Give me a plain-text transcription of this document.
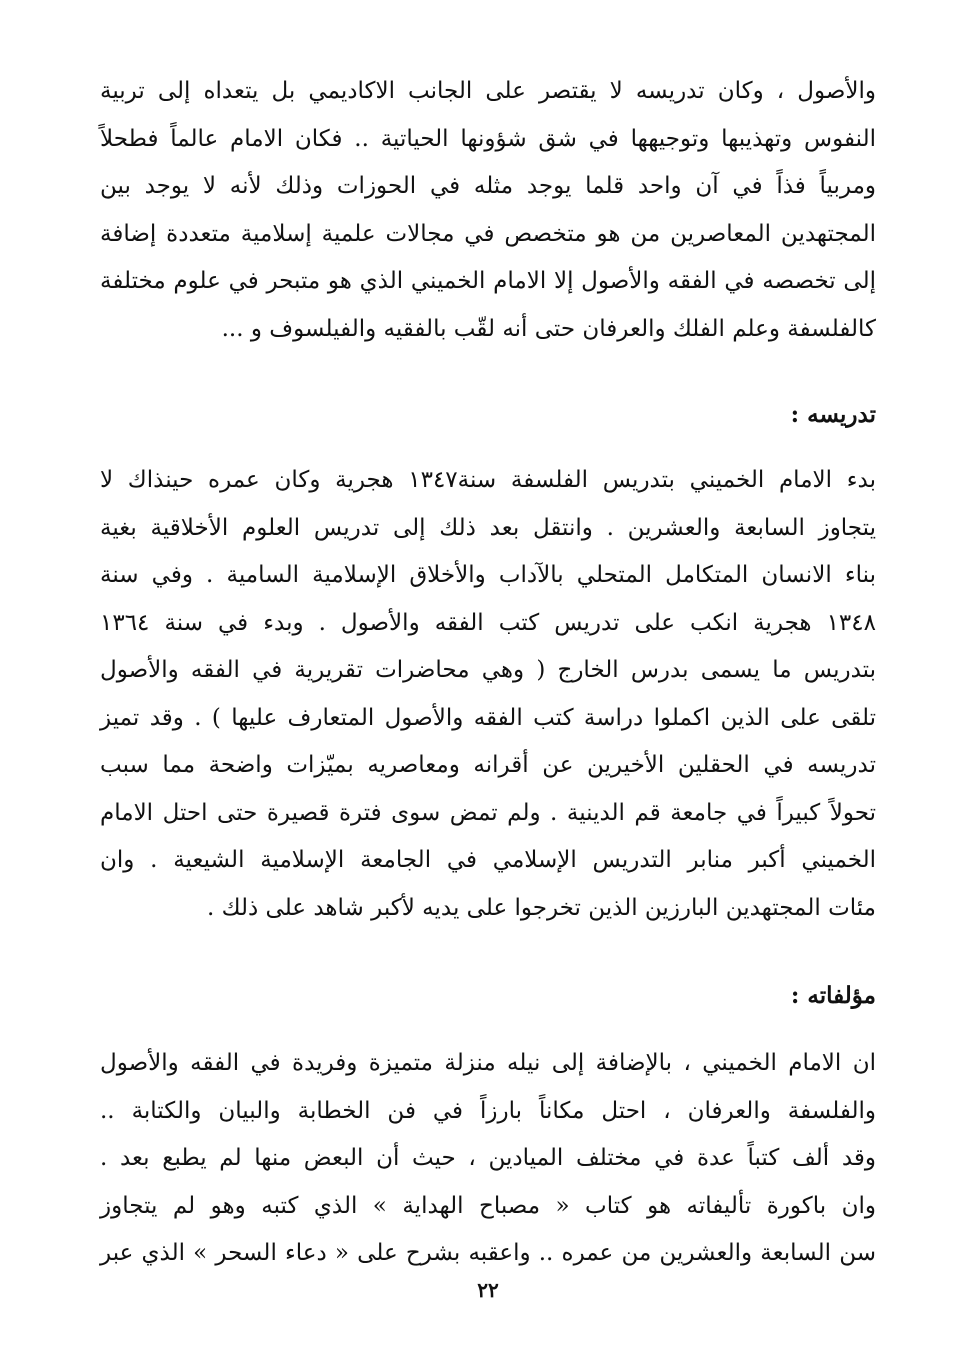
والأصول ، وكان تدريسه لا يقتصر على الجانب الاكاديمي بل يتعداه إلى تربية
النفوس وتهذيبها وتوجيهها في شق شؤونها الحياتية .. فكان الامام عالماً فطحلاً
ومربياً فذاً في آن واحد قلما يوجد مثله في الحوزات وذلك لأنه لا يوجد بين
المجتهدين المعاصرين من هو متخصص في مجالات علمية إسلامية متعددة إضافة
إلى تخصصه في الفقه والأصول إلا الامام الخميني الذي هو متبحر في علوم مختلفة
كالفلسفة وعلم الفلك والعرفان حتى أنه لقّب بالفقيه والفيلسوف و ...
تدريسه :
بدء الامام الخميني بتدريس الفلسفة سنة١٣٤٧ هجرية وكان عمره حينذاك لا
يتجاوز السابعة والعشرين . وانتقل بعد ذلك إلى تدريس العلوم الأخلاقية بغية
بناء الانسان المتكامل المتحلي بالآداب والأخلاق الإسلامية السامية . وفي سنة
١٣٤٨ هجرية انكب على تدريس كتب الفقه والأصول . وبدء في سنة ١٣٦٤
بتدريس ما يسمى بدرس الخارج ( وهي محاضرات تقريرية في الفقه والأصول
تلقى على الذين اكملوا دراسة كتب الفقه والأصول المتعارف عليها ) . وقد تميز
تدريسه في الحقلين الأخيرين عن أقرانه ومعاصريه بميّزات واضحة مما سبب
تحولاً كبيراً في جامعة قم الدينية . ولم تمض سوى فترة قصيرة حتى احتل الامام
الخميني أكبر منابر التدريس الإسلامي في الجامعة الإسلامية الشيعية . وان
مئات المجتهدين البارزين الذين تخرجوا على يديه لأكبر شاهد على ذلك .
مؤلفاته :
ان الامام الخميني ، بالإضافة إلى نيله منزلة متميزة وفريدة في الفقه والأصول
والفلسفة والعرفان ، احتل مكاناً بارزاً في فن الخطابة والبيان والكتابة ..
وقد ألف كتباً عدة في مختلف الميادين ، حيث أن البعض منها لم يطبع بعد .
وان باكورة تأليفاته هو كتاب « مصباح الهداية » الذي كتبه وهو لم يتجاوز
سن السابعة والعشرين من عمره .. واعقبه بشرح على « دعاء السحر » الذي عبر
٢٢
